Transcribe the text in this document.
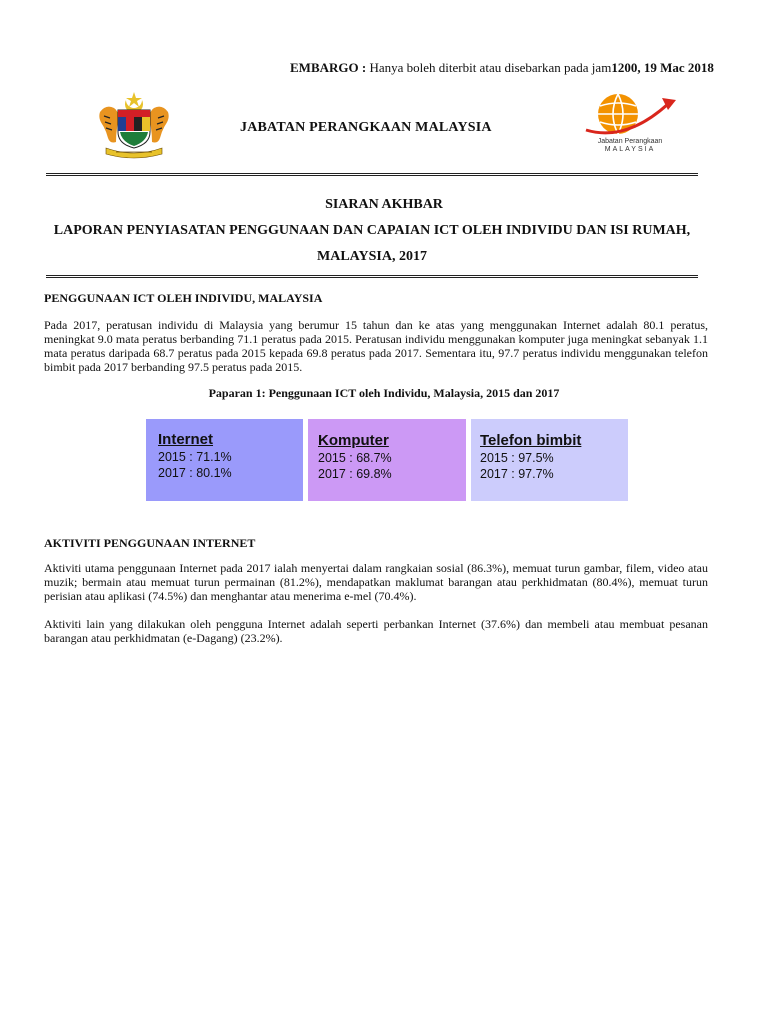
EMBARGO : Hanya boleh diterbit atau disebarkan pada jam1200, 19 Mac 2018
JABATAN PERANGKAAN MALAYSIA
Jabatan Perangkaan
MALAYSIA
SIARAN AKHBAR
LAPORAN PENYIASATAN PENGGUNAAN DAN CAPAIAN ICT OLEH INDIVIDU DAN ISI RUMAH, MALAYSIA, 2017
PENGGUNAAN ICT OLEH INDIVIDU, MALAYSIA
Pada 2017, peratusan individu di Malaysia yang berumur 15 tahun dan ke atas yang menggunakan Internet adalah 80.1 peratus, meningkat 9.0 mata peratus berbanding 71.1 peratus pada 2015. Peratusan individu menggunakan komputer juga meningkat sebanyak 1.1 mata peratus daripada 68.7 peratus pada 2015 kepada 69.8 peratus pada 2017. Sementara itu, 97.7 peratus individu menggunakan telefon bimbit pada 2017 berbanding 97.5 peratus pada 2015.
Paparan 1: Penggunaan ICT oleh Individu, Malaysia, 2015 dan 2017
Internet
2015 : 71.1%
2017 : 80.1%
Komputer
2015 : 68.7%
2017 : 69.8%
Telefon bimbit
2015 : 97.5%
2017 : 97.7%
AKTIVITI PENGGUNAAN INTERNET
Aktiviti utama penggunaan Internet pada 2017 ialah menyertai dalam rangkaian sosial (86.3%), memuat turun gambar, filem, video atau muzik; bermain atau memuat turun permainan (81.2%), mendapatkan maklumat barangan atau perkhidmatan (80.4%), memuat turun perisian atau aplikasi (74.5%) dan menghantar atau menerima e-mel (70.4%).
Aktiviti lain yang dilakukan oleh pengguna Internet adalah seperti perbankan Internet (37.6%) dan membeli atau membuat pesanan barangan atau perkhidmatan (e-Dagang) (23.2%).
